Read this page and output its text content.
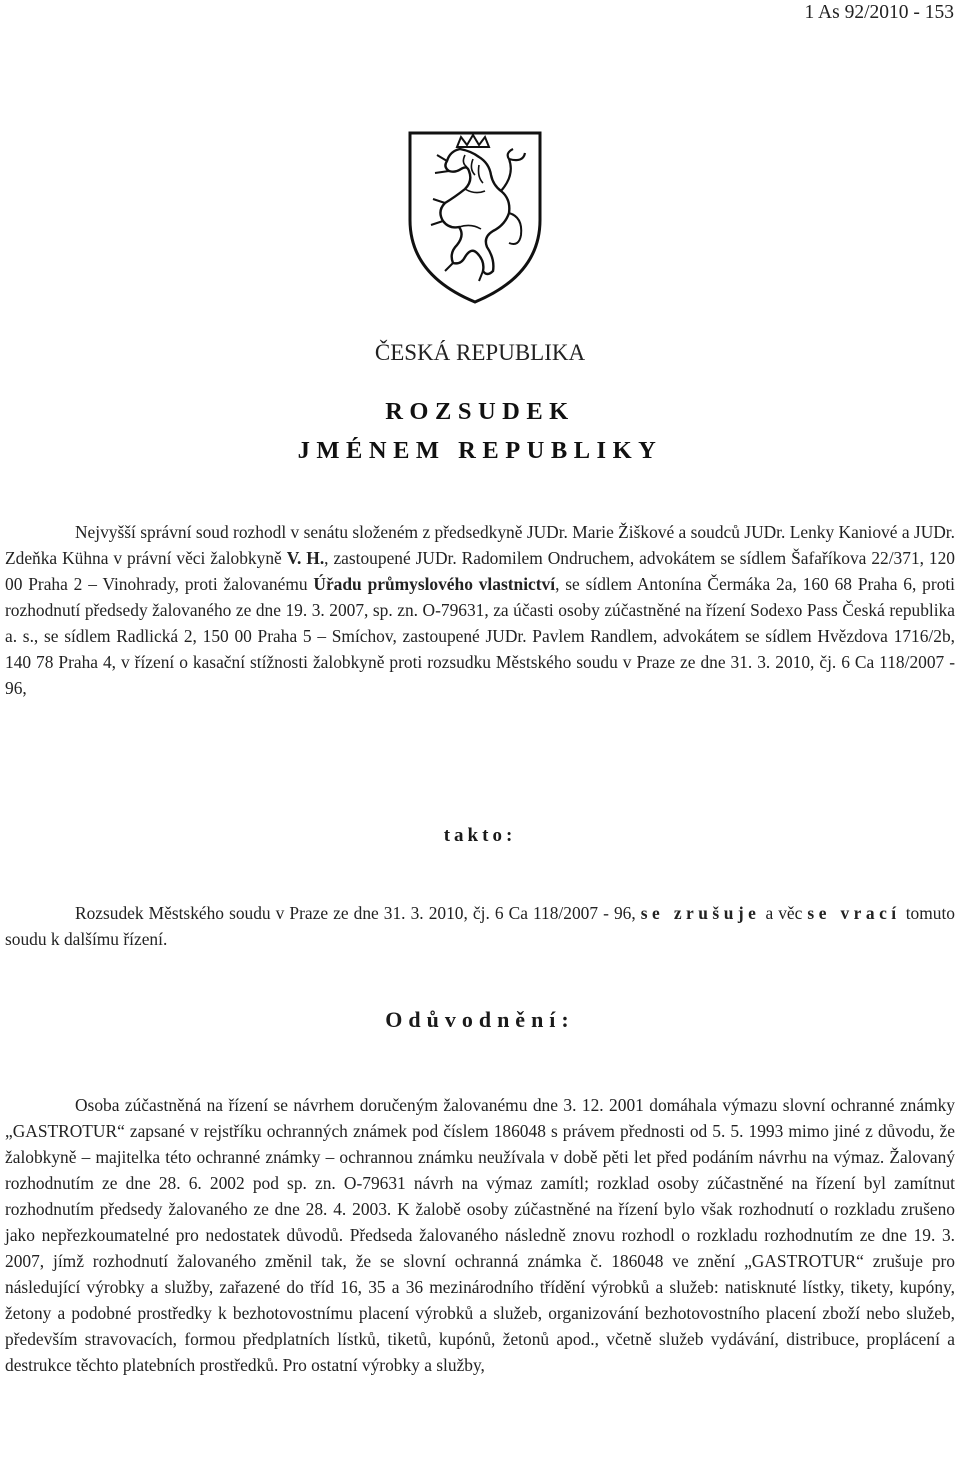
1 As 92/2010 - 153
ČESKÁ REPUBLIKA
ROZSUDEK
JMÉNEM REPUBLIKY
Nejvyšší správní soud rozhodl v senátu složeném z předsedkyně JUDr. Marie Žiškové a soudců JUDr. Lenky Kaniové a JUDr. Zdeňka Kühna v právní věci žalobkyně V. H., zastoupené JUDr. Radomilem Ondruchem, advokátem se sídlem Šafaříkova 22/371, 120 00 Praha 2 – Vinohrady, proti žalovanému Úřadu průmyslového vlastnictví, se sídlem Antonína Čermáka 2a, 160 68 Praha 6, proti rozhodnutí předsedy žalovaného ze dne 19. 3. 2007, sp. zn. O-79631, za účasti osoby zúčastněné na řízení Sodexo Pass Česká republika a. s., se sídlem Radlická 2, 150 00 Praha 5 – Smíchov, zastoupené JUDr. Pavlem Randlem, advokátem se sídlem Hvězdova 1716/2b, 140 78 Praha 4, v řízení o kasační stížnosti žalobkyně proti rozsudku Městského soudu v Praze ze dne 31. 3. 2010, čj. 6 Ca 118/2007 - 96,
takto:
Rozsudek Městského soudu v Praze ze dne 31. 3. 2010, čj. 6 Ca 118/2007 - 96, se zrušuje a věc se vrací tomuto soudu k dalšímu řízení.
Odůvodnění:
Osoba zúčastněná na řízení se návrhem doručeným žalovanému dne 3. 12. 2001 domáhala výmazu slovní ochranné známky „GASTROTUR“ zapsané v rejstříku ochranných známek pod číslem 186048 s právem přednosti od 5. 5. 1993 mimo jiné z důvodu, že žalobkyně – majitelka této ochranné známky – ochrannou známku neužívala v době pěti let před podáním návrhu na výmaz. Žalovaný rozhodnutím ze dne 28. 6. 2002 pod sp. zn. O-79631 návrh na výmaz zamítl; rozklad osoby zúčastněné na řízení byl zamítnut rozhodnutím předsedy žalovaného ze dne 28. 4. 2003. K žalobě osoby zúčastněné na řízení bylo však rozhodnutí o rozkladu zrušeno jako nepřezkoumatelné pro nedostatek důvodů. Předseda žalovaného následně znovu rozhodl o rozkladu rozhodnutím ze dne 19. 3. 2007, jímž rozhodnutí žalovaného změnil tak, že se slovní ochranná známka č. 186048 ve znění „GASTROTUR“ zrušuje pro následující výrobky a služby, zařazené do tříd 16, 35 a 36 mezinárodního třídění výrobků a služeb: natisknuté lístky, tikety, kupóny, žetony a podobné prostředky k bezhotovostnímu placení výrobků a služeb, organizování bezhotovostního placení zboží nebo služeb, především stravovacích, formou předplatních lístků, tiketů, kupónů, žetonů apod., včetně služeb vydávání, distribuce, proplácení a destrukce těchto platebních prostředků. Pro ostatní výrobky a služby,
